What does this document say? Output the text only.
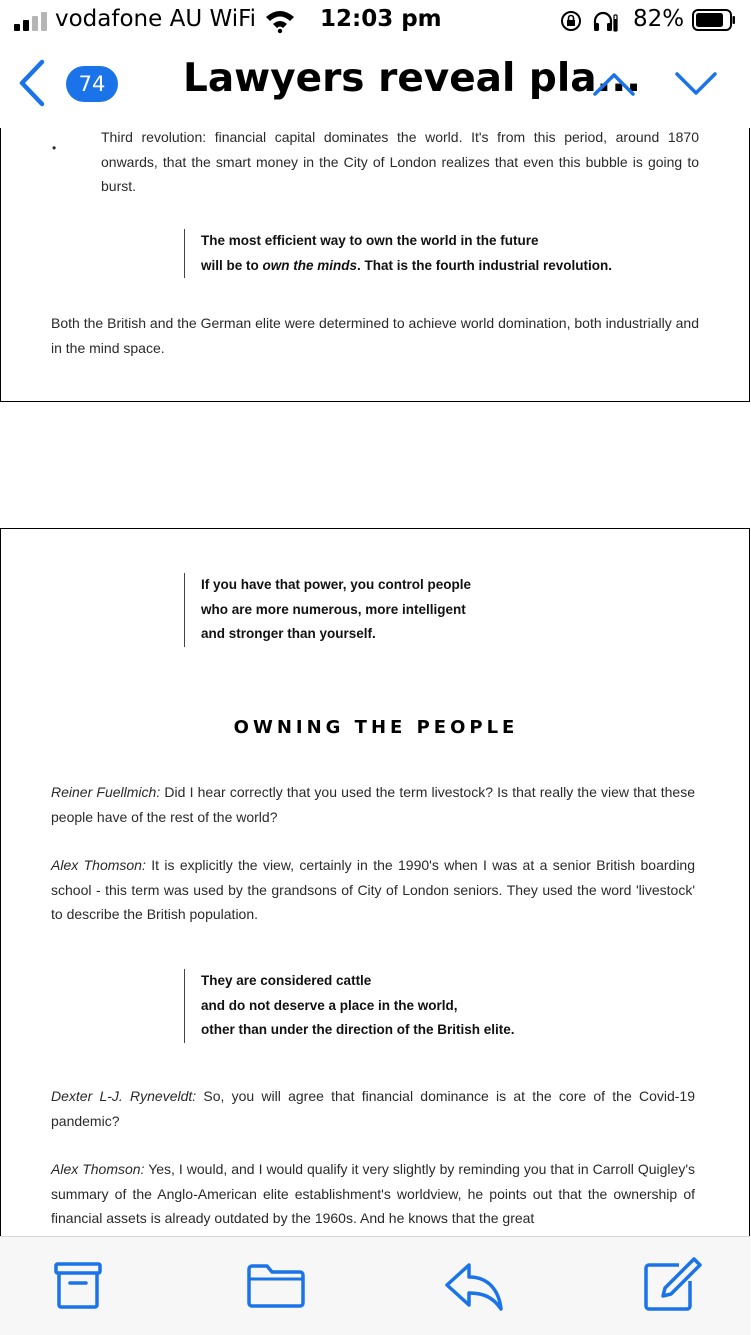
vodafone AU WiFi	12:03 pm	82%
74	Lawyers reveal pla...
•

Third revolution: financial capital dominates the world. It's from this period, around 1870 onwards, that the smart money in the City of London realizes that even this bubble is going to burst.

The most efficient way to own the world in the future
will be to own the minds. That is the fourth industrial revolution.

Both the British and the German elite were determined to achieve world domination, both industrially and in the mind space.

If you have that power, you control people
who are more numerous, more intelligent
and stronger than yourself.
OWNING THE PEOPLE

Reiner Fuellmich: Did I hear correctly that you used the term livestock? Is that really the view that these people have of the rest of the world?

Alex Thomson: It is explicitly the view, certainly in the 1990's when I was at a senior British boarding school - this term was used by the grandsons of City of London seniors. They used the word 'livestock' to describe the British population.

They are considered cattle
and do not deserve a place in the world,
other than under the direction of the British elite.

Dexter L-J. Ryneveldt: So, you will agree that financial dominance is at the core of the Covid-19 pandemic?

Alex Thomson: Yes, I would, and I would qualify it very slightly by reminding you that in Carroll Quigley's summary of the Anglo-American elite establishment's worldview, he points out that the ownership of financial assets is already outdated by the 1960s. And he knows that the great
